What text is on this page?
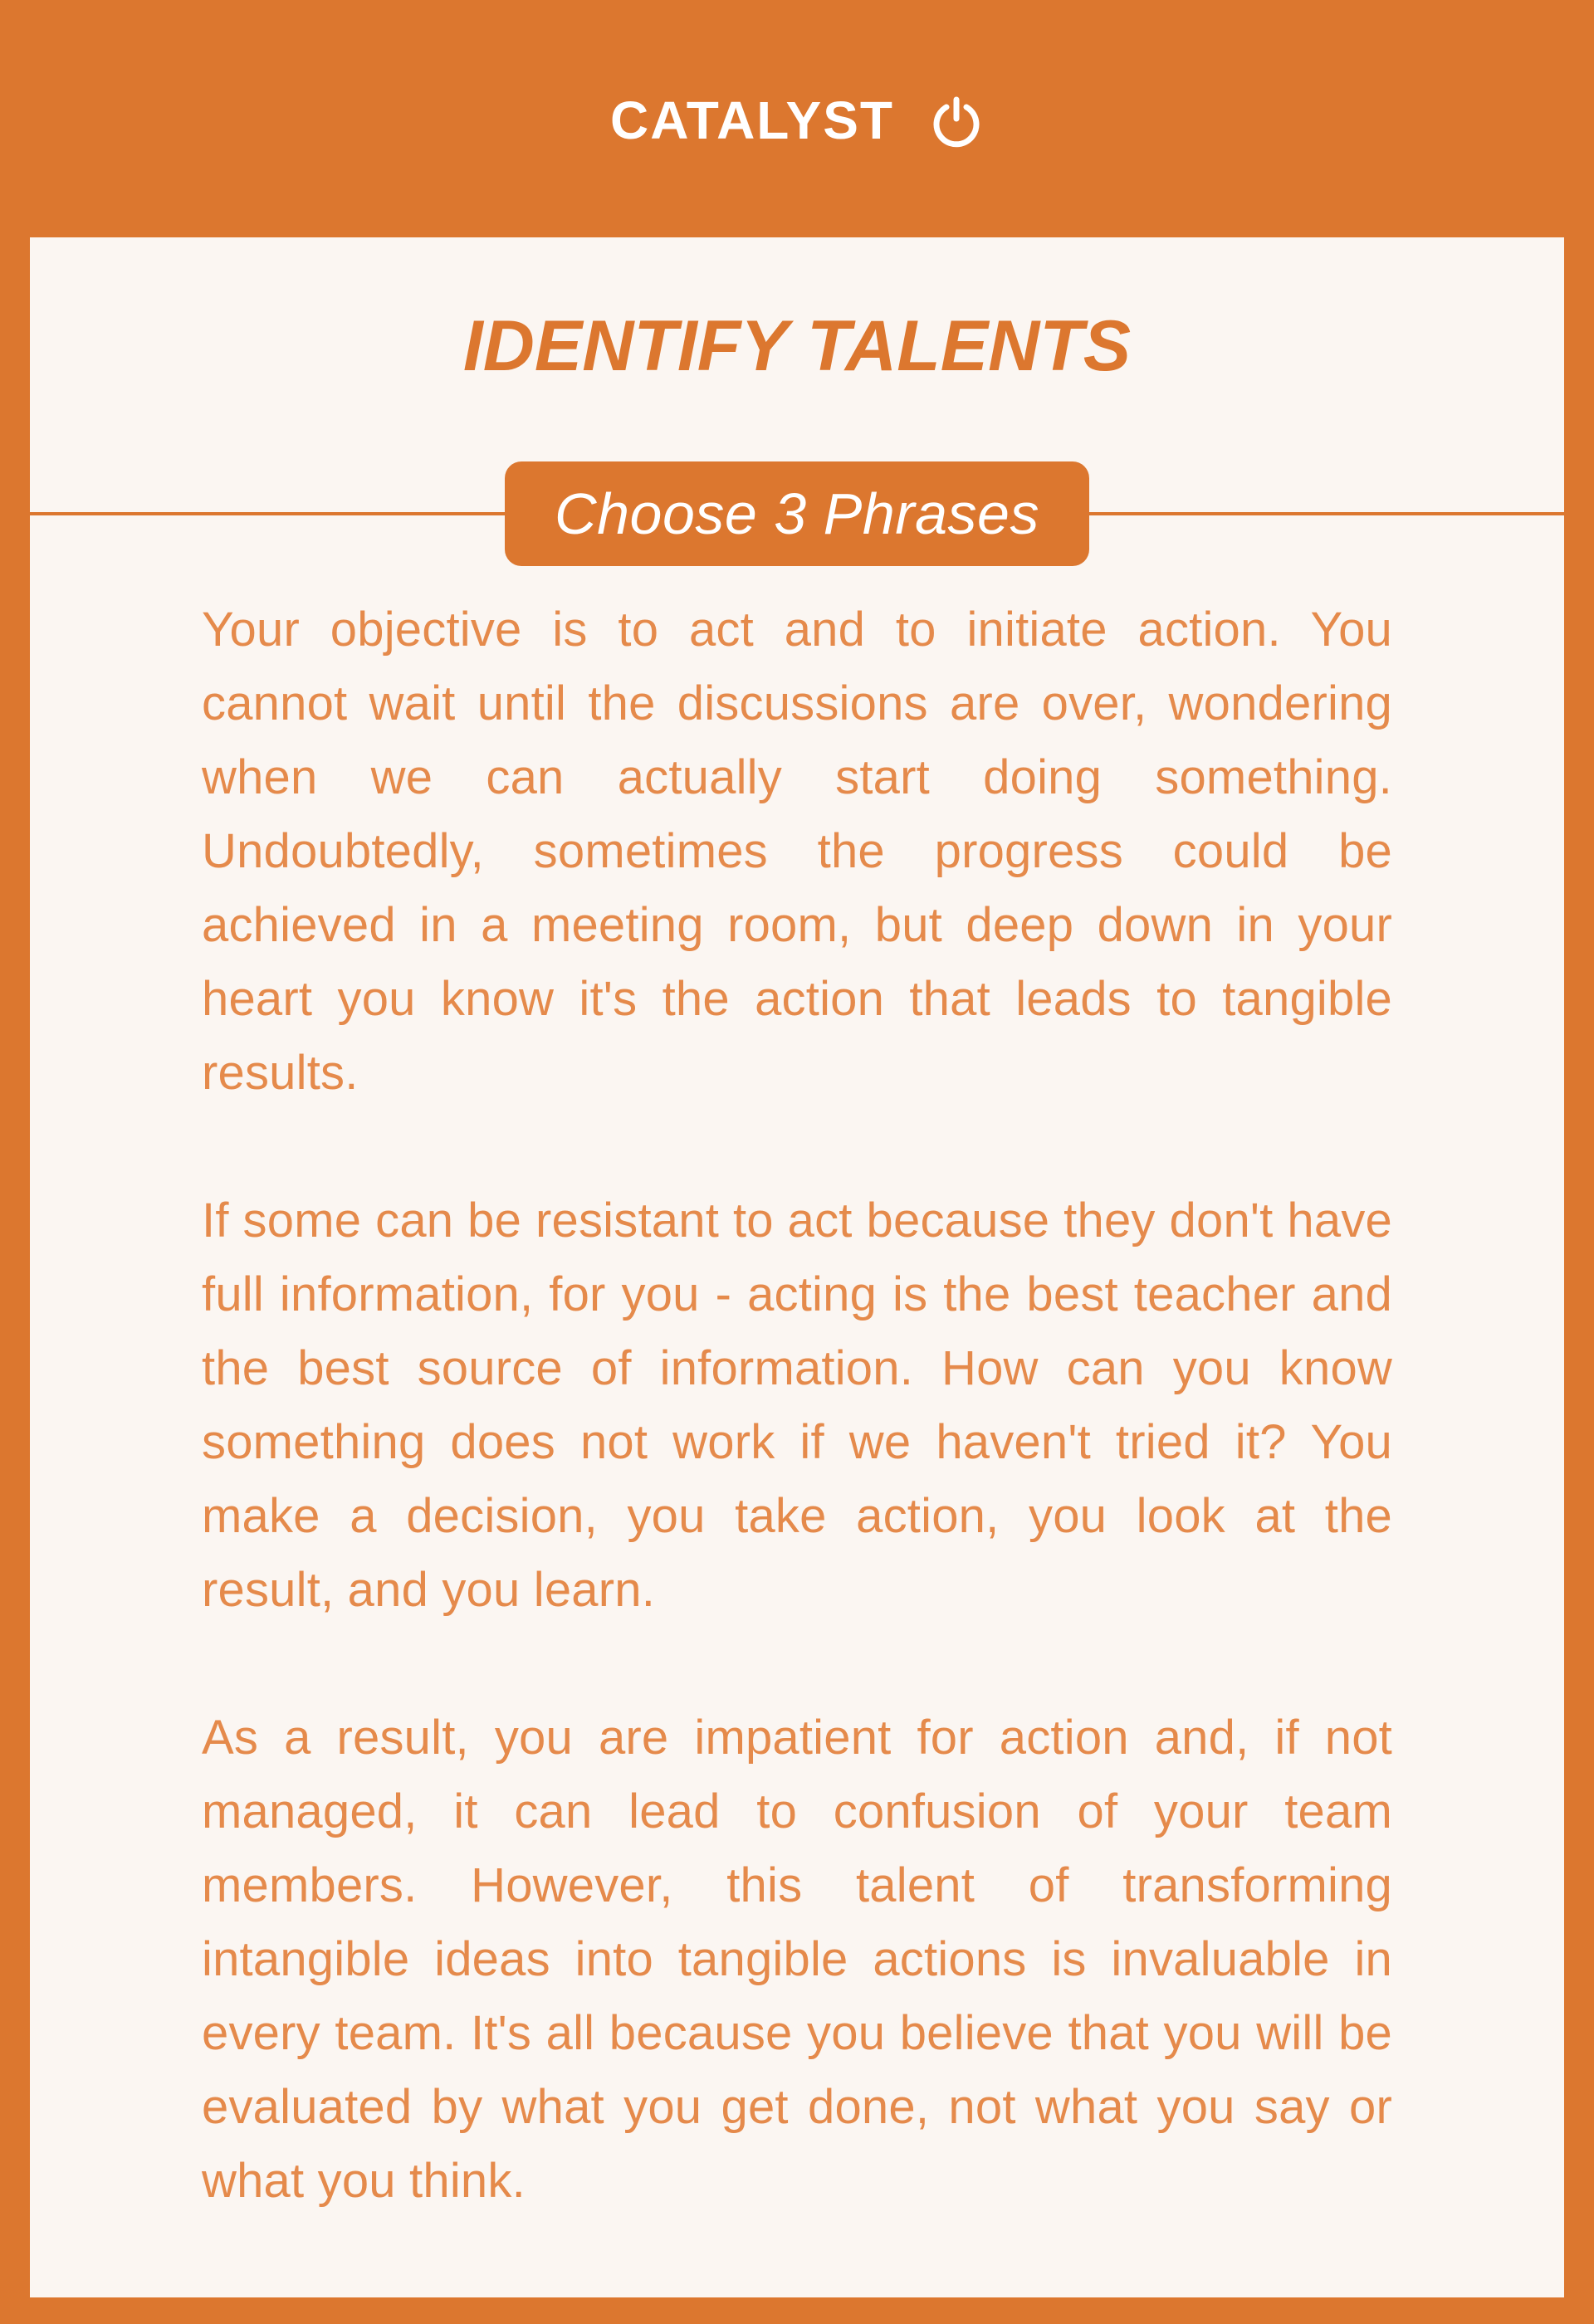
CATALYST
IDENTIFY TALENTS
Choose 3 Phrases

Your objective is to act and to initiate action. You cannot wait until the discussions are over, wondering when we can actually start doing something. Undoubtedly, sometimes the progress could be achieved in a meeting room, but deep down in your heart you know it's the action that leads to tangible results.

If some can be resistant to act because they don't have full information, for you - acting is the best teacher and the best source of information. How can you know something does not work if we haven't tried it? You make a decision, you take action, you look at the result, and you learn.

As a result, you are impatient for action and, if not managed, it can lead to confusion of your team members. However, this talent of transforming intangible ideas into tangible actions is invaluable in every team. It's all because you believe that you will be evaluated by what you get done, not what you say or what you think.
